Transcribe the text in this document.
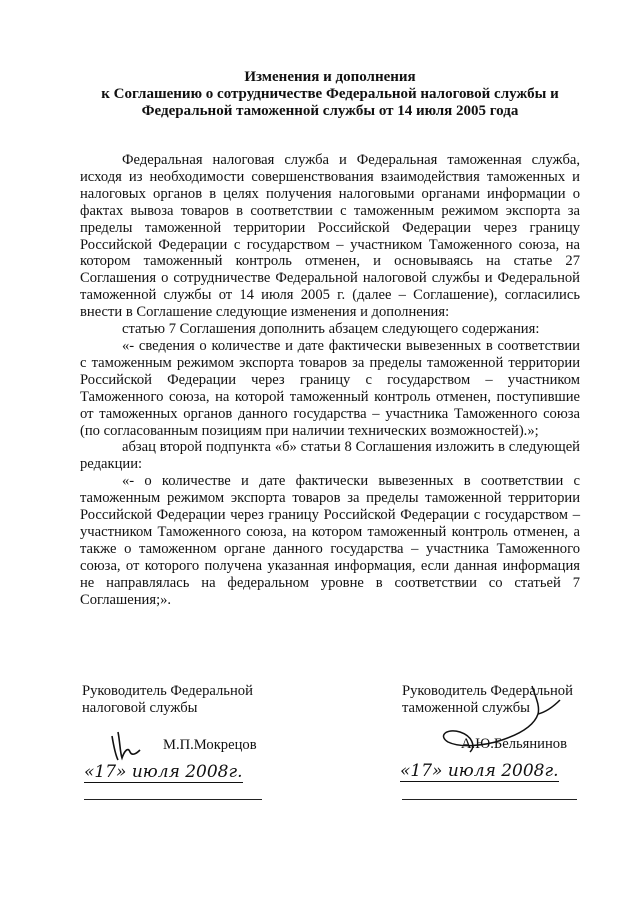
Изменения и дополнения
к Соглашению о сотрудничестве Федеральной налоговой службы и
Федеральной таможенной службы от 14 июля 2005 года

Федеральная налоговая служба и Федеральная таможенная служба, исходя из необходимости совершенствования взаимодействия таможенных и налоговых органов в целях получения налоговыми органами информации о фактах вывоза товаров в соответствии с таможенным режимом экспорта за пределы таможенной территории Российской Федерации через границу Российской Федерации с государством – участником Таможенного союза, на котором таможенный контроль отменен, и основываясь на статье 27 Соглашения о сотрудничестве Федеральной налоговой службы и Федеральной таможенной службы от 14 июля 2005 г. (далее – Соглашение), согласились внести в Соглашение следующие изменения и дополнения:

статью 7 Соглашения дополнить абзацем следующего содержания:

«- сведения о количестве и дате фактически вывезенных в соответствии с таможенным режимом экспорта товаров за пределы таможенной территории Российской Федерации через границу с государством – участником Таможенного союза, на которой таможенный контроль отменен, поступившие от таможенных органов данного государства – участника Таможенного союза (по согласованным позициям при наличии технических возможностей).»;

абзац второй подпункта «б» статьи 8 Соглашения изложить в следующей редакции:

«- о количестве и дате фактически вывезенных в соответствии с таможенным режимом экспорта товаров за пределы таможенной территории Российской Федерации через границу Российской Федерации с государством – участником Таможенного союза, на котором таможенный контроль отменен, а также о таможенном органе данного государства – участника Таможенного союза, от которого получена указанная информация, если данная информация не направлялась на федеральном уровне в соответствии со статьей 7 Соглашения;».

Руководитель Федеральной
налоговой службы
М.П.Мокрецов
«17» июля 2008г.
Руководитель Федеральной
таможенной службы
А.Ю.Бельянинов
«17» июля 2008г.
